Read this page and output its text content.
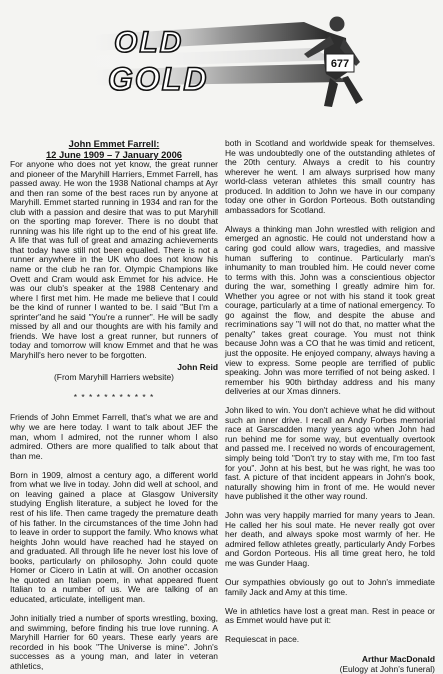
OLD
GOLD	677
John Emmet Farrell:
12 June 1909 – 7 January 2006
For anyone who does not yet know, the great runner and pioneer of the Maryhill Harriers, Emmet Farrell, has passed away. He won the 1938 National champs at Ayr and then ran some of the best races run by anyone at Maryhill. Emmet started running in 1934 and ran for the club with a passion and desire that was to put Maryhill on the sporting map forever. There is no doubt that running was his life right up to the end of his great life. A life that was full of great and amazing achievements that today have still not been equalled. There is not a runner anywhere in the UK who does not know his name or the club he ran for. Olympic Champions like Ovett and Cram would ask Emmet for his advice. He was our club's speaker at the 1988 Centenary and where I first met him. He made me believe that I could be the kind of runner I wanted to be. I said "But I'm a sprinter"and he said "You're a runner". He will be sadly missed by all and our thoughts are with his family and friends. We have lost a great runner, but runners of today and tomorrow will know Emmet and that he was Maryhill's hero never to be forgotten.
John Reid
(From Maryhill Harriers website)
* * * * * * * * * * *
Friends of John Emmet Farrell, that's what we are and why we are here today. I want to talk about JEF the man, whom I admired, not the runner whom I also admired. Others are more qualified to talk about that than me.
Born in 1909, almost a century ago, a different world from what we live in today. John did well at school, and on leaving gained a place at Glasgow University studying English literature, a subject he loved for the rest of his life. Then came tragedy the premature death of his father. In the circumstances of the time John had to leave in order to support the family. Who knows what heights John would have reached had he stayed on and graduated. All through life he never lost his love of books, particularly on philosophy. John could quote Homer or Cicero in Latin at will. On another occasion he quoted an Italian poem, in what appeared fluent Italian to a number of us. We are talking of an educated, articulate, intelligent man.
John initially tried a number of sports wrestling, boxing, and swimming, before finding his true love running. A Maryhill Harrier for 60 years. These early years are recorded in his book "The Universe is mine". John's successes as a young man, and later in veteran athletics,
both in Scotland and worldwide speak for themselves. He was undoubtedly one of the outstanding athletes of the 20th century. Always a credit to his country wherever he went. I am always surprised how many world-class veteran athletes this small country has produced. In addition to John we have in our company today one other in Gordon Porteous. Both outstanding ambassadors for Scotland.
Always a thinking man John wrestled with religion and emerged an agnostic. He could not understand how a caring god could allow wars, tragedies, and massive human suffering to continue. Particularly man's inhumanity to man troubled him. He could never come to terms with this. John was a conscientious objector during the war, something I greatly admire him for. Whether you agree or not with his stand it took great courage, particularly at a time of national emergency. To go against the flow, and despite the abuse and recriminations say "I will not do that, no matter what the penalty" takes great courage. You must not think because John was a CO that he was timid and reticent, just the opposite. He enjoyed company, always having a view to express. Some people are terrified of public speaking. John was more terrified of not being asked. I remember his 90th birthday address and his many deliveries at our Xmas dinners.
John liked to win. You don't achieve what he did without such an inner drive. I recall an Andy Forbes memorial race at Garscadden many years ago when John had run behind me for some way, but eventually overtook and passed me. I received no words of encouragement, simply being told "Don't try to stay with me, I'm too fast for you". John at his best, but he was right, he was too fast. A picture of that incident appears in John's book, naturally showing him in front of me. He would never have published it the other way round.
John was very happily married for many years to Jean. He called her his soul mate. He never really got over her death, and always spoke most warmly of her. He admired fellow athletes greatly, particularly Andy Forbes and Gordon Porteous. His all time great hero, he told me was Gunder Haag.
Our sympathies obviously go out to John's immediate family Jack and Amy at this time.
We in athletics have lost a great man. Rest in peace or as Emmet would have put it:
Requiescat in pace.
Arthur MacDonald
(Eulogy at John's funeral)
